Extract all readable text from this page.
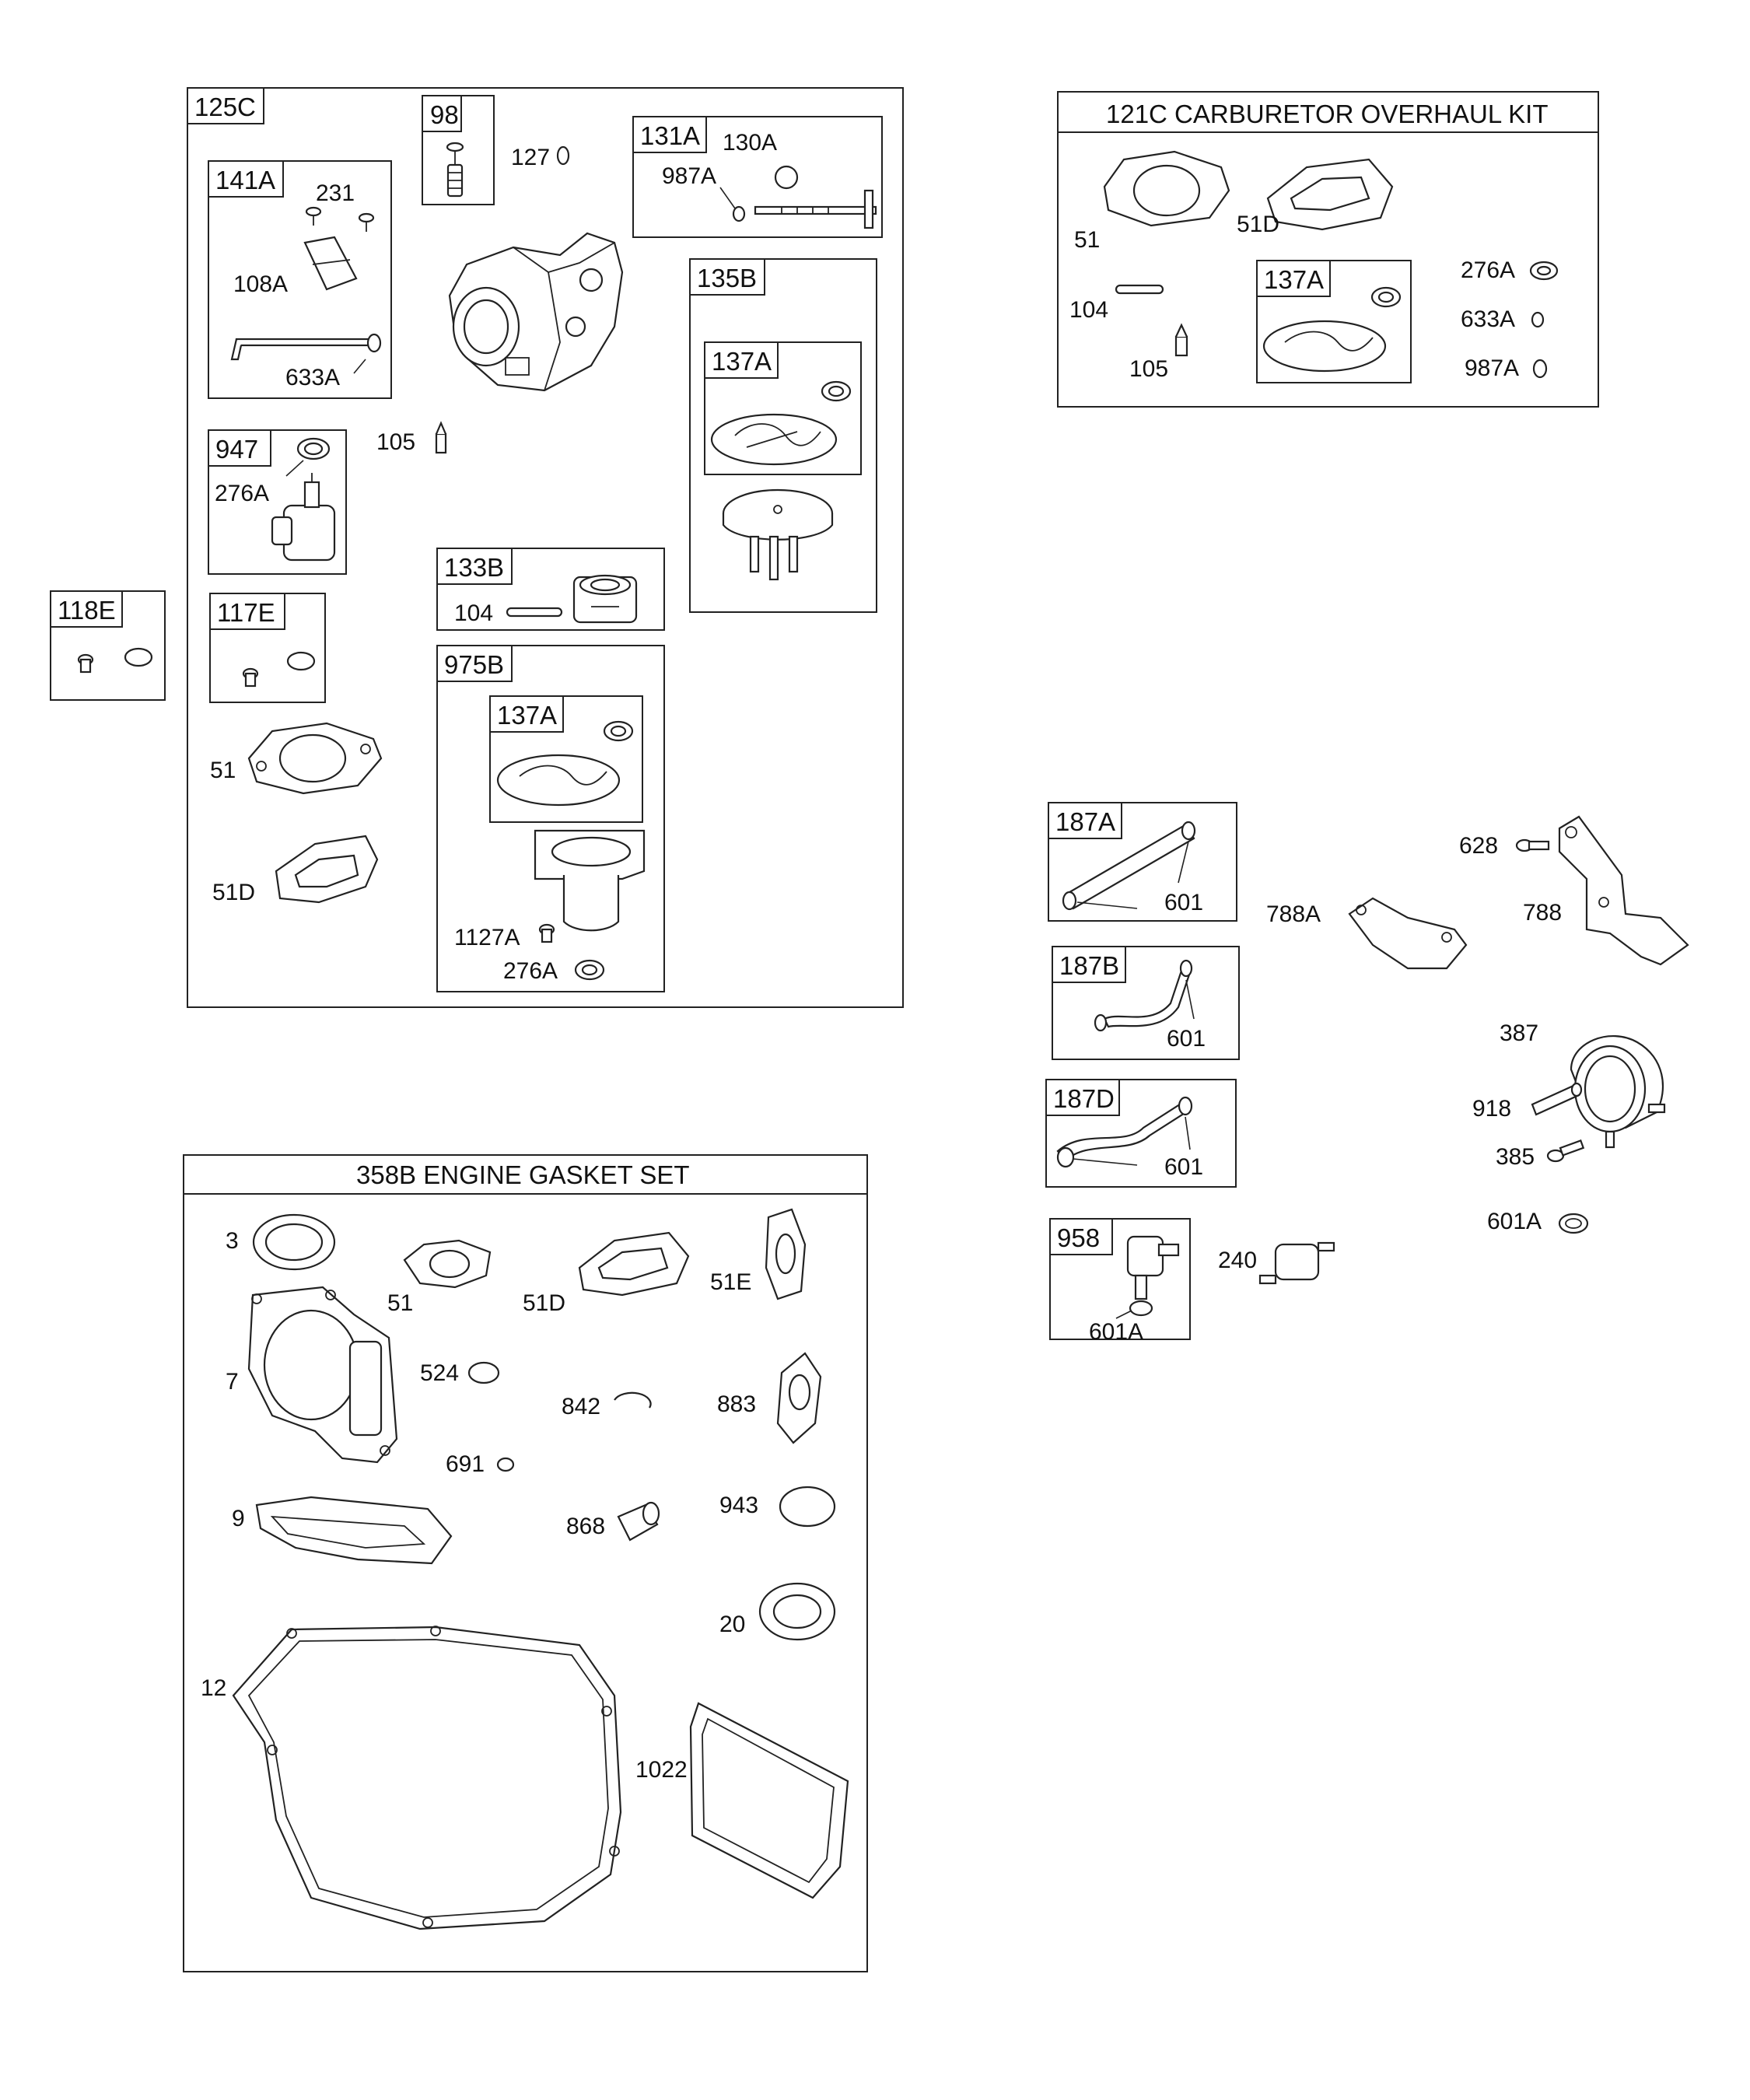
125C	98
127
131A 130A
987A
141A 231
108A
633A
105
135B
137A
947
276A
133B
104
117E
51
51D
975B
137A
1127A
276A
118E
121C CARBURETOR OVERHAUL KIT
51
51D
104
105
137A	276A
633A
987A
358B ENGINE GASKET SET
3
51	51D
51E
7	524
842	883
691
9	868
943
20
12
1022
187A
601
187B
601
187D
601
958
601A
240
628
788
788A
387
918
385
601A
